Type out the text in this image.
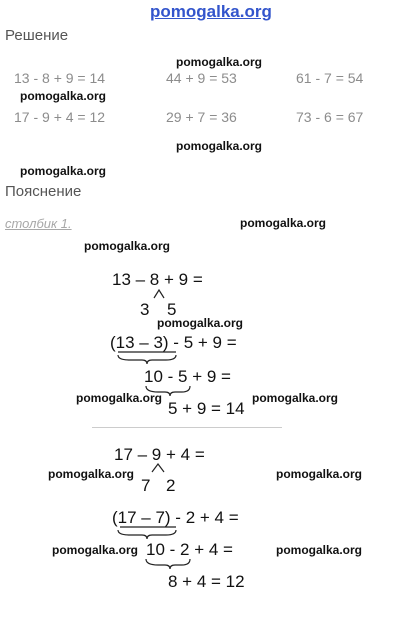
pomogalka.org
Решение
pomogalka.org
13 - 8 + 9 = 14	44 + 9 = 53	61 - 7 = 54
pomogalka.org
17 - 9 + 4 = 12	29 + 7 = 36	73 - 6 = 67
pomogalka.org
pomogalka.org
Пояснение
столбик 1.	pomogalka.org
pomogalka.org
13 – 8 + 9 =
3 5
pomogalka.org
(13 – 3) - 5 + 9 =
10 - 5 + 9 =
pomogalka.org	pomogalka.org
5 + 9 = 14
17 – 9 + 4 =
pomogalka.org	pomogalka.org
7 2
(17 – 7) - 2 + 4 =
pomogalka.org	pomogalka.org
10 - 2 + 4 =
8 + 4 = 12
